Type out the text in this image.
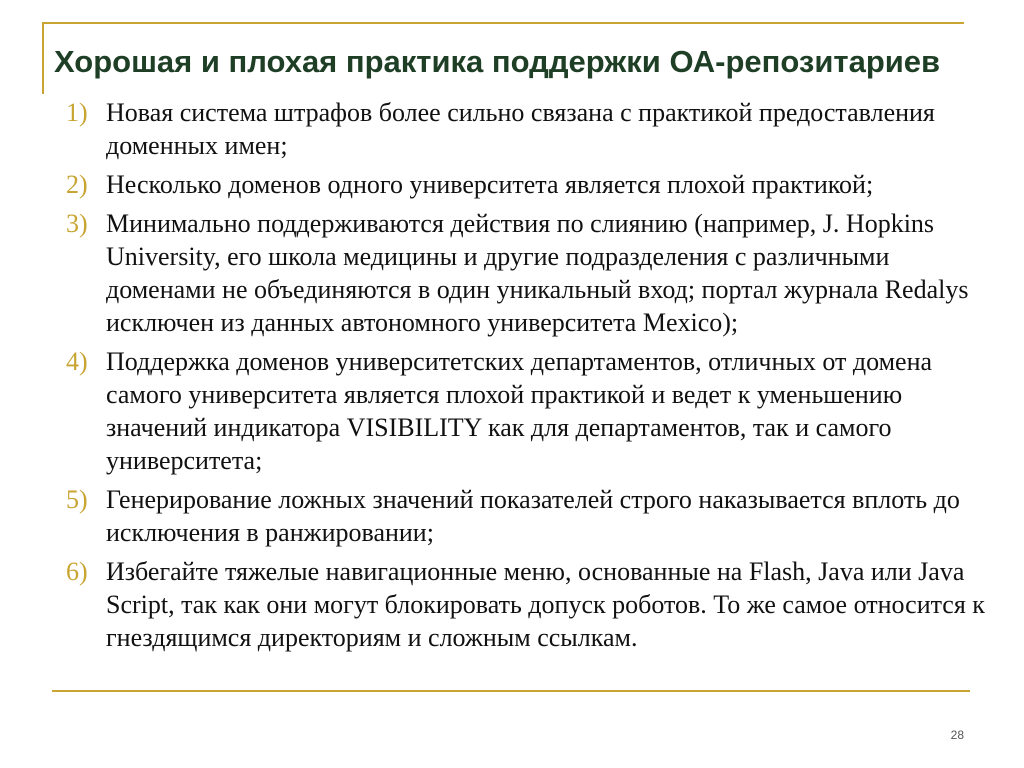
Хорошая и плохая практика поддержки ОА-репозитариев
1) Новая система штрафов более сильно связана с практикой предоставления доменных имен;
2) Несколько доменов одного университета является плохой практикой;
3) Минимально поддерживаются действия по слиянию (например, J. Hopkins University, его школа медицины и другие подразделения с различными доменами не объединяются в один уникальный вход; портал журнала Redalys исключен из данных автономного университета Mexico);
4) Поддержка доменов университетских департаментов, отличных от домена самого университета является плохой практикой и ведет к уменьшению значений индикатора VISIBILITY как для департаментов, так и самого университета;
5) Генерирование ложных значений показателей строго наказывается вплоть до исключения в ранжировании;
6) Избегайте тяжелые навигационные меню, основанные на Flash, Java или Java Script, так как они могут блокировать допуск роботов. То же самое относится к гнездящимся директориям и сложным ссылкам.
28
